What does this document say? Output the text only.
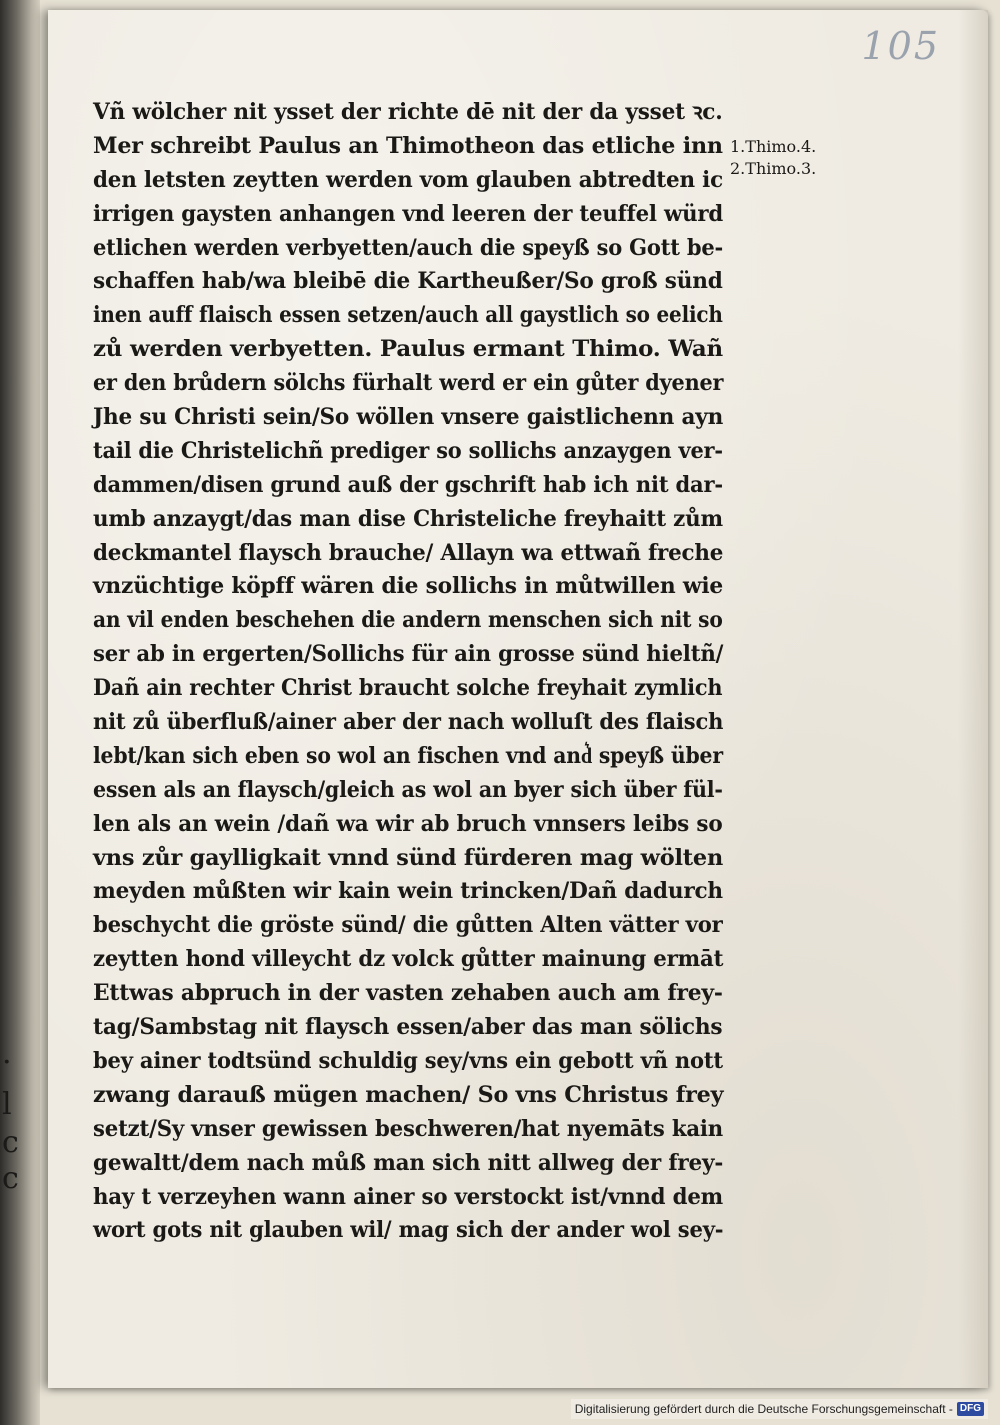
·
l
c
c
105
Vñ wölcher nit ysset der richte dē nit der da ysset ꝛc.
Mer schreibt Paulus an Thimotheon das etliche inn
den letsten zeytten werden vom glauben abtredten ic
irrigen gaysten anhangen vnd leeren der teuffel würd
etlichen werden verbyetten/auch die speyß so Gott be-
schaffen hab/wa bleibē die Kartheußer/So groß sünd
inen auff flaisch essen setzen/auch all gaystlich so eelich
zů werden verbyetten. Paulus ermant Thimo. Wañ
er den brůdern sölchs fürhalt werd er ein gůter dyener
Jhe su Christi sein/So wöllen vnsere gaistlichenn ayn
tail die Christelichñ prediger so sollichs anzaygen ver-
dammen/disen grund auß der gschrift hab ich nit dar-
umb anzaygt/das man dise Christeliche freyhaitt zům
deckmantel flaysch brauche/ Allayn wa ettwañ freche
vnzüchtige köpff wären die sollichs in můtwillen wie
an vil enden beschehen die andern menschen sich nit so
ser ab in ergerten/Sollichs für ain grosse sünd hieltñ/
Dañ ain rechter Christ braucht solche freyhait zymlich
nit zů überfluß/ainer aber der nach wolluſt des flaisch
lebt/kan sich eben so wol an fischen vnd and͛ speyß über
essen als an flaysch/gleich as wol an byer sich über fül-
len als an wein /dañ wa wir ab bruch vnnsers leibs so
vns zůr gaylligkait vnnd sünd fürderen mag wölten
meyden můßten wir kain wein trincken/Dañ dadurch
beschycht die gröste sünd/ die gůtten Alten vätter vor
zeytten hond villeycht dz volck gůtter mainung ermāt
Ettwas abpruch in der vasten zehaben auch am frey-
tag/Sambstag nit flaysch essen/aber das man sölichs
bey ainer todtsünd schuldig sey/vns ein gebott vñ nott
zwang darauß mügen machen/ So vns Christus frey
setzt/Sy vnser gewissen beschweren/hat nyemāts kain
gewaltt/dem nach můß man sich nitt allweg der frey-
hay t verzeyhen wann ainer so verstockt ist/vnnd dem
wort gots nit glauben wil/ mag sich der ander wol sey-
1.Thimo.4.
2.Thimo.3.
Digitalisierung gefördert durch die Deutsche Forschungsgemeinschaft - DFG
